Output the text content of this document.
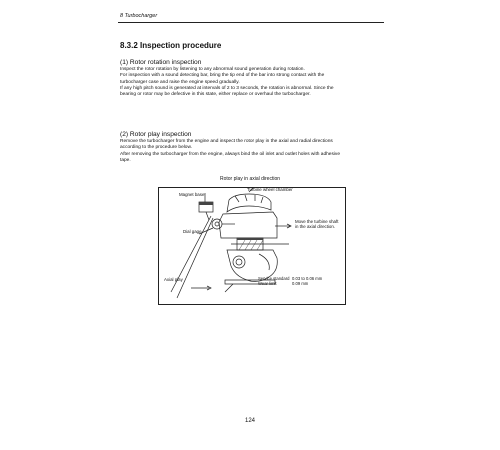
8 Turbocharger
8.3.2 Inspection procedure
(1) Rotor rotation inspection
Inspect the rotor rotation by listening to any abnormal sound generation during rotation.
For inspection with a sound detecting bar, bring the tip end of the bar into strong contact with the
turbocharger case and raise the engine speed gradually.
If any high pitch sound is generated at intervals of 2 to 3 seconds, the rotation is abnormal. Since the
bearing or rotor may be defective in this state, either replace or overhaul the turbocharger.
(2) Rotor play inspection
Remove the turbocharger from the engine and inspect the rotor play in the axial and radial directions
according to the procedure below.
After removing the turbocharger from the engine, always bind the oil inlet and outlet holes with adhesive
tape.
Rotor play in axial direction
Turbine wheel chamber
Magnet base
Move the turbine shaft
in the axial direction.
Dial gage
Axial play	Service standard 0.03 to 0.06 mm
Wear limit	0.09 mm
124
